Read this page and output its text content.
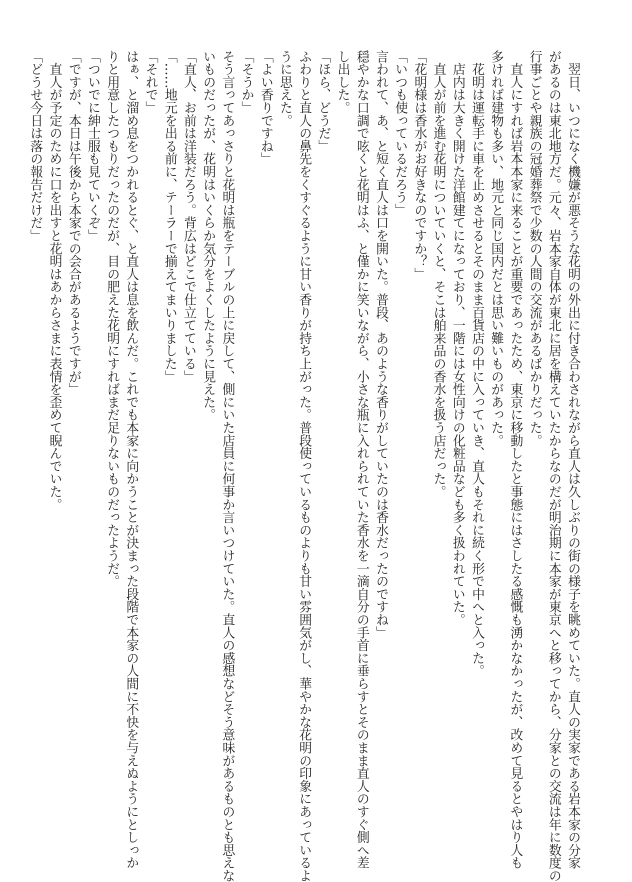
翌日、いつになく機嫌が悪そうな花明の外出に付き合わされながら直人は久しぶりの街の様子を眺めていた。直人の実家である岩本家の分家

があるのは東北地方だ。元々、岩本家自体が東北に居を構えていたからなのだが明治期に本家が東京へと移ってから、分家との交流は年に数度の

行事ごとや親族の冠婚葬祭で少数の人間の交流があるばかりだった。

直人にすれば岩本本家に来ることが重要であったため、東京に移動したと事態にはさしたる感慨も湧かなかったが、改めて見るとやはり人も

多ければ建物も多い、地元と同じ国内だとは思い難いものがあった。

花明は運転手に車を止めさせるとそのまま百貨店の中に入っていき、直人もそれに続く形で中へと入った。

店内は大きく開けた洋館建てになっており、一階には女性向けの化粧品なども多く扱われていた。

直人が前を進む花明についていくと、そこは舶来品の香水を扱う店だった。

「花明様は香水がお好きなのですか？」

「いつも使っているだろう」

言われて、あ、と短く直人は口を開いた。普段、あのような香りがしていたのは香水だったのですね」

穏やかな口調で呟くと花明はふ、と僅かに笑いながら、小さな瓶に入れられていた香水を一滴自分の手首に垂らすとそのまま直人のすぐ側へ差

し出した。

「ほら、どうだ」

ふわりと直人の鼻先をくすぐるように甘い香りが持ち上がった。普段使っているものよりも甘い雰囲気がし、華やかな花明の印象にあっているよ

うに思えた。

「よい香りですね」

「そうか」

そう言ってあっさりと花明は瓶をテーブルの上に戻して、側にいた店員に何事か言いつけていた。直人の感想などそう意味があるものとも思えな

いものだったが、花明はいくらか気分をよくしたように見えた。

「直人、お前は洋装だろう。背広はどこで仕立てている」

「……地元を出る前に、テーラーで揃えてまいりました」

「それで」

はぁ、と溜め息をつかれるとぐ、と直人は息を飲んだ。これでも本家に向かうことが決まった段階で本家の人間に不快を与えぬようにとしっか

りと用意したつもりだったのだが、目の肥えた花明にすればまだ足りないものだったようだ。

「ついでに紳士服も見ていくぞ」

「ですが、本日は午後から本家での会合があるようですが」

直人が予定のために口を出すと花明はあからさまに表情を歪めて睨んでいた。

「どうせ今日は落の報告だけだ」
